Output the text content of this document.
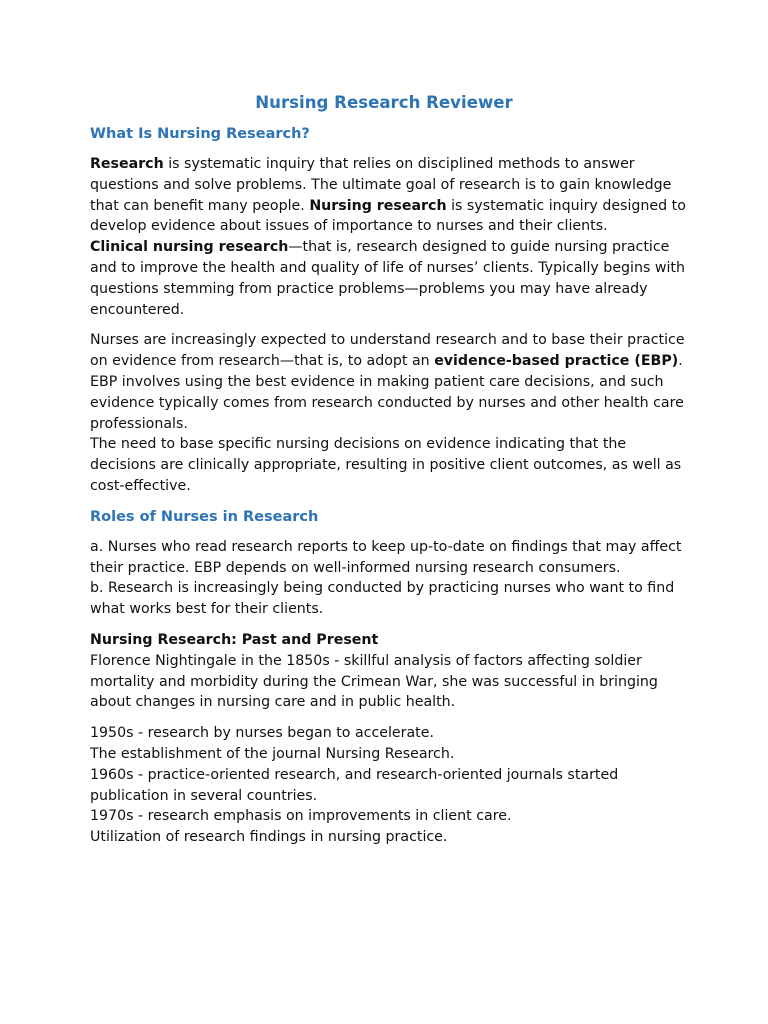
Nursing Research Reviewer
What Is Nursing Research?

Research is systematic inquiry that relies on disciplined methods to answer questions and solve problems. The ultimate goal of research is to gain knowledge that can benefit many people. Nursing research is systematic inquiry designed to develop evidence about issues of importance to nurses and their clients.

Clinical nursing research—that is, research designed to guide nursing practice and to improve the health and quality of life of nurses’ clients. Typically begins with questions stemming from practice problems—problems you may have already encountered.

Nurses are increasingly expected to understand research and to base their practice on evidence from research—that is, to adopt an evidence-based practice (EBP). EBP involves using the best evidence in making patient care decisions, and such evidence typically comes from research conducted by nurses and other health care professionals.

The need to base specific nursing decisions on evidence indicating that the decisions are clinically appropriate, resulting in positive client outcomes, as well as cost-effective.

Roles of Nurses in Research

a. Nurses who read research reports to keep up-to-date on findings that may affect their practice. EBP depends on well-informed nursing research consumers.

b. Research is increasingly being conducted by practicing nurses who want to find what works best for their clients.

Nursing Research: Past and Present

Florence Nightingale in the 1850s - skillful analysis of factors affecting soldier mortality and morbidity during the Crimean War, she was successful in bringing about changes in nursing care and in public health.

1950s - research by nurses began to accelerate.

The establishment of the journal Nursing Research.

1960s - practice-oriented research, and research-oriented journals started publication in several countries.

1970s - research emphasis on improvements in client care.

Utilization of research findings in nursing practice.
